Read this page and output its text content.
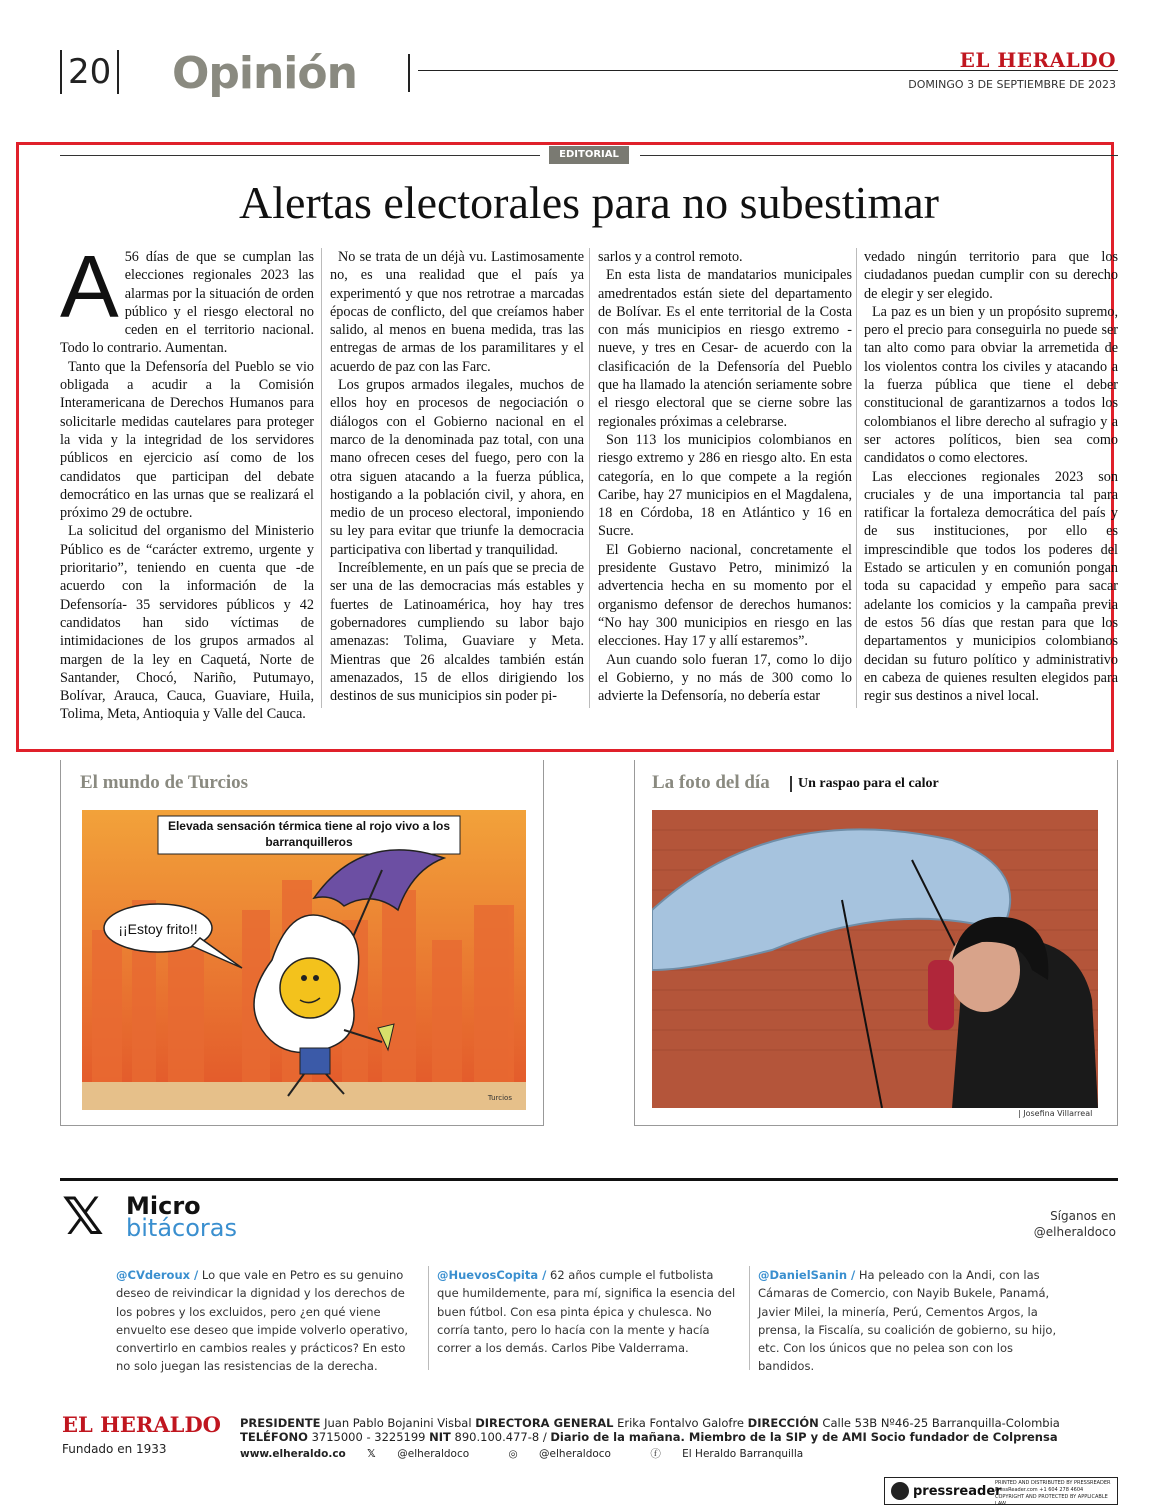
20 Opinión	EL HERALDO
DOMINGO 3 DE SEPTIEMBRE DE 2023
EDITORIAL
Alertas electorales para no subestimar
A 56 días de que se cumplan las elecciones regionales 2023 las alarmas por la situación de orden público y el riesgo electoral no ceden en el territorio nacional. Todo lo contrario. Aumentan.

Tanto que la Defensoría del Pueblo se vio obligada a acudir a la Comisión Interamericana de Derechos Humanos para solicitarle medidas cautelares para proteger la vida y la integridad de los servidores públicos en ejercicio así como de los candidatos que participan del debate democrático en las urnas que se realizará el próximo 29 de octubre.

La solicitud del organismo del Ministerio Público es de “carácter extremo, urgente y prioritario”, teniendo en cuenta que -de acuerdo con la información de la Defensoría- 35 servidores públicos y 42 candidatos han sido víctimas de intimidaciones de los grupos armados al margen de la ley en Caquetá, Norte de Santander, Chocó, Nariño, Putumayo, Bolívar, Arauca, Cauca, Guaviare, Huila, Tolima, Meta, Antioquia y Valle del Cauca.

No se trata de un déjà vu. Lastimosamente no, es una realidad que el país ya experimentó y que nos retrotrae a marcadas épocas de conflicto, del que creíamos haber salido, al menos en buena medida, tras las entregas de armas de los paramilitares y el acuerdo de paz con las Farc.

Los grupos armados ilegales, muchos de ellos hoy en procesos de negociación o diálogos con el Gobierno nacional en el marco de la denominada paz total, con una mano ofrecen ceses del fuego, pero con la otra siguen atacando a la fuerza pública, hostigando a la población civil, y ahora, en medio de un proceso electoral, imponiendo su ley para evitar que triunfe la democracia participativa con libertad y tranquilidad.

Increíblemente, en un país que se precia de ser una de las democracias más estables y fuertes de Latinoamérica, hoy hay tres gobernadores cumpliendo su labor bajo amenazas: Tolima, Guaviare y Meta. Mientras que 26 alcaldes también están amenazados, 15 de ellos dirigiendo los destinos de sus municipios sin poder pi-

sarlos y a control remoto.

En esta lista de mandatarios municipales amedrentados están siete del departamento de Bolívar. Es el ente territorial de la Costa con más municipios en riesgo extremo - nueve, y tres en Cesar- de acuerdo con la clasificación de la Defensoría del Pueblo que ha llamado la atención seriamente sobre el riesgo electoral que se cierne sobre las regionales próximas a celebrarse.

Son 113 los municipios colombianos en riesgo extremo y 286 en riesgo alto. En esta categoría, en lo que compete a la región Caribe, hay 27 municipios en el Magdalena, 18 en Córdoba, 18 en Atlántico y 16 en Sucre.

El Gobierno nacional, concretamente el presidente Gustavo Petro, minimizó la advertencia hecha en su momento por el organismo defensor de derechos humanos: “No hay 300 municipios en riesgo en las elecciones. Hay 17 y allí estaremos”.

Aun cuando solo fueran 17, como lo dijo el Gobierno, y no más de 300 como lo advierte la Defensoría, no debería estar

vedado ningún territorio para que los ciudadanos puedan cumplir con su derecho de elegir y ser elegido.

La paz es un bien y un propósito supremo, pero el precio para conseguirla no puede ser tan alto como para obviar la arremetida de los violentos contra los civiles y atacando a la fuerza pública que tiene el deber constitucional de garantizarnos a todos los colombianos el libre derecho al sufragio y a ser actores políticos, bien sea como candidatos o como electores.

Las elecciones regionales 2023 son cruciales y de una importancia tal para ratificar la fortaleza democrática del país y de sus instituciones, por ello es imprescindible que todos los poderes del Estado se articulen y en comunión pongan toda su capacidad y empeño para sacar adelante los comicios y la campaña previa de estos 56 días que restan para que los departamentos y municipios colombianos decidan su futuro político y administrativo en cabeza de quienes resulten elegidos para regir sus destinos a nivel local.

El mundo de Turcios
Elevada sensación térmica tiene al rojo vivo a los
barranquilleros
¡¡Estoy frito!!
Turcios
La foto del día	Un raspao para el calor
| Josefina Villarreal
𝕏 Micro
bitácoras	Síganos en
@elheraldoco
@CVderoux / Lo que vale en Petro es su genuino deseo de reivindicar la dignidad y los derechos de los pobres y los excluidos, pero ¿en qué viene envuelto ese deseo que impide volverlo operativo, convertirlo en cambios reales y prácticos? En esto no solo juegan las resistencias de la derecha.
@HuevosCopita / 62 años cumple el futbolista que humildemente, para mí, significa la esencia del buen fútbol. Con esa pinta épica y chulesca. No corría tanto, pero lo hacía con la mente y hacía correr a los demás. Carlos Pibe Valderrama.
@DanielSanin / Ha peleado con la Andi, con las Cámaras de Comercio, con Nayib Bukele, Panamá, Javier Milei, la minería, Perú, Cementos Argos, la prensa, la Fiscalía, su coalición de gobierno, su hijo, etc. Con los únicos que no pelea son con los bandidos.
EL HERALDO
Fundado en 1933
PRESIDENTE Juan Pablo Bojanini Visbal DIRECTORA GENERAL Erika Fontalvo Galofre DIRECCIÓN Calle 53B Nº46-25 Barranquilla-Colombia
TELÉFONO 3715000 - 3225199 NIT 890.100.477-8 / Diario de la mañana. Miembro de la SIP y de AMI Socio fundador de Colprensa
www.elheraldo.co 𝕏 @elheraldoco	◎ @elheraldoco	ⓕ El Heraldo Barranquilla
pressreader
PRINTED AND DISTRIBUTED BY PRESSREADER
PressReader.com +1 604 278 4604
COPYRIGHT AND PROTECTED BY APPLICABLE LAW
